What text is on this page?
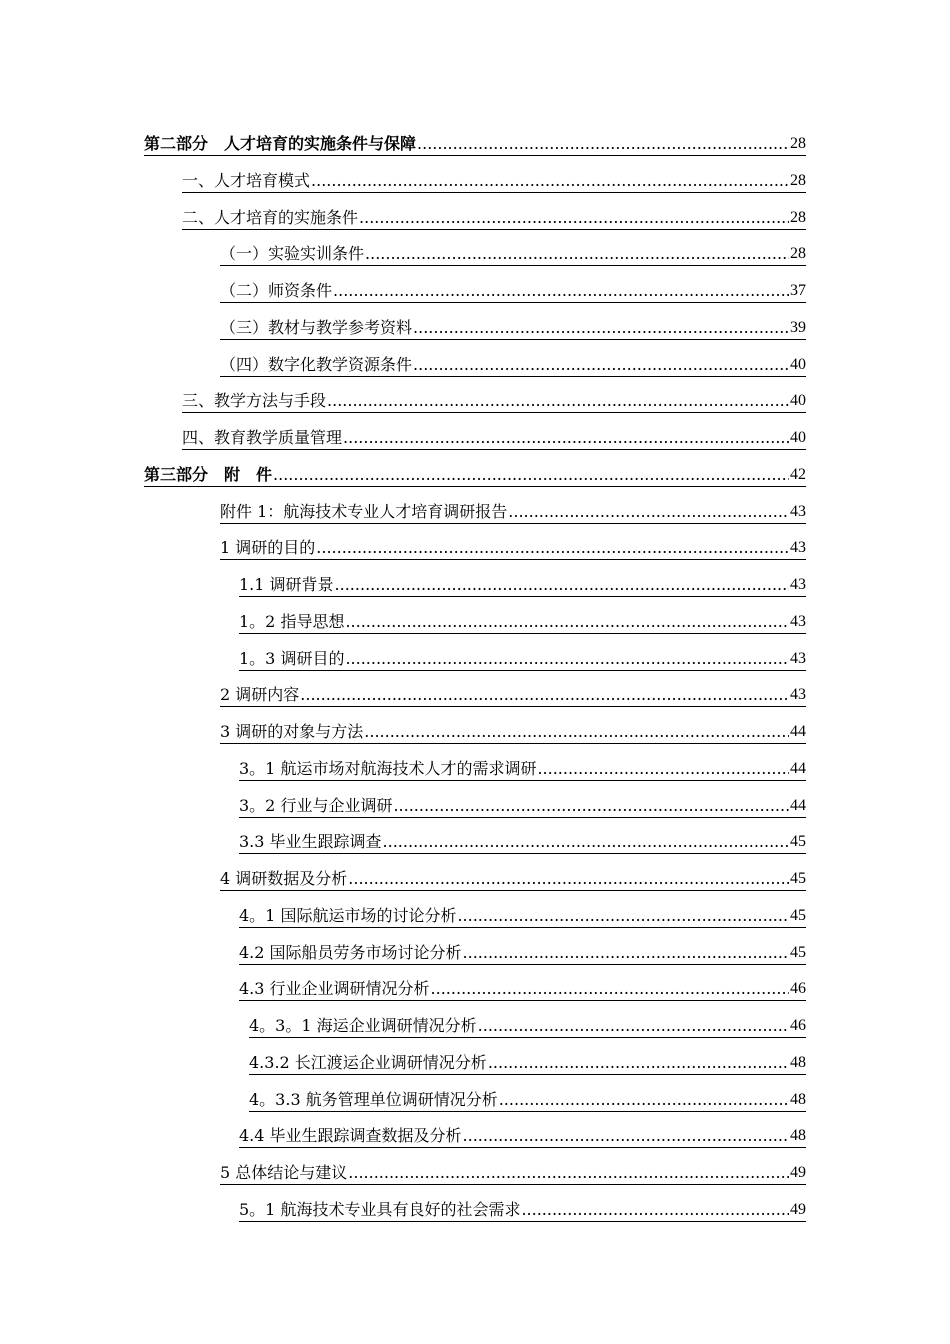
第二部分　人才培育的实施条件与保障 .....	28
一、人才培育模式 .....	28
二、人才培育的实施条件 .....	28
（一）实验实训条件 .....	28
（二）师资条件 .....	37
（三）教材与教学参考资料 .....	39
（四）数字化教学资源条件 .....	40
三、教学方法与手段 .....	40
四、教育教学质量管理 .....	40
第三部分　附　件 .....	42
附件 1：航海技术专业人才培育调研报告 .....	43
1 调研的目的 .....	43
1.1 调研背景 .....	43
1。2 指导思想 .....	43
1。3 调研目的 .....	43
2 调研内容 .....	43
3 调研的对象与方法 .....	44
3。1 航运市场对航海技术人才的需求调研 .....	44
3。2 行业与企业调研 .....	44
3.3 毕业生跟踪调查 .....	45
4 调研数据及分析 .....	45
4。1 国际航运市场的讨论分析 .....	45
4.2 国际船员劳务市场讨论分析 .....	45
4.3 行业企业调研情况分析 .....	46
4。3。1 海运企业调研情况分析 .....	46
4.3.2 长江渡运企业调研情况分析 .....	48
4。3.3 航务管理单位调研情况分析 .....	48
4.4 毕业生跟踪调查数据及分析 .....	48
5 总体结论与建议 .....	49
5。1 航海技术专业具有良好的社会需求 .....	49
